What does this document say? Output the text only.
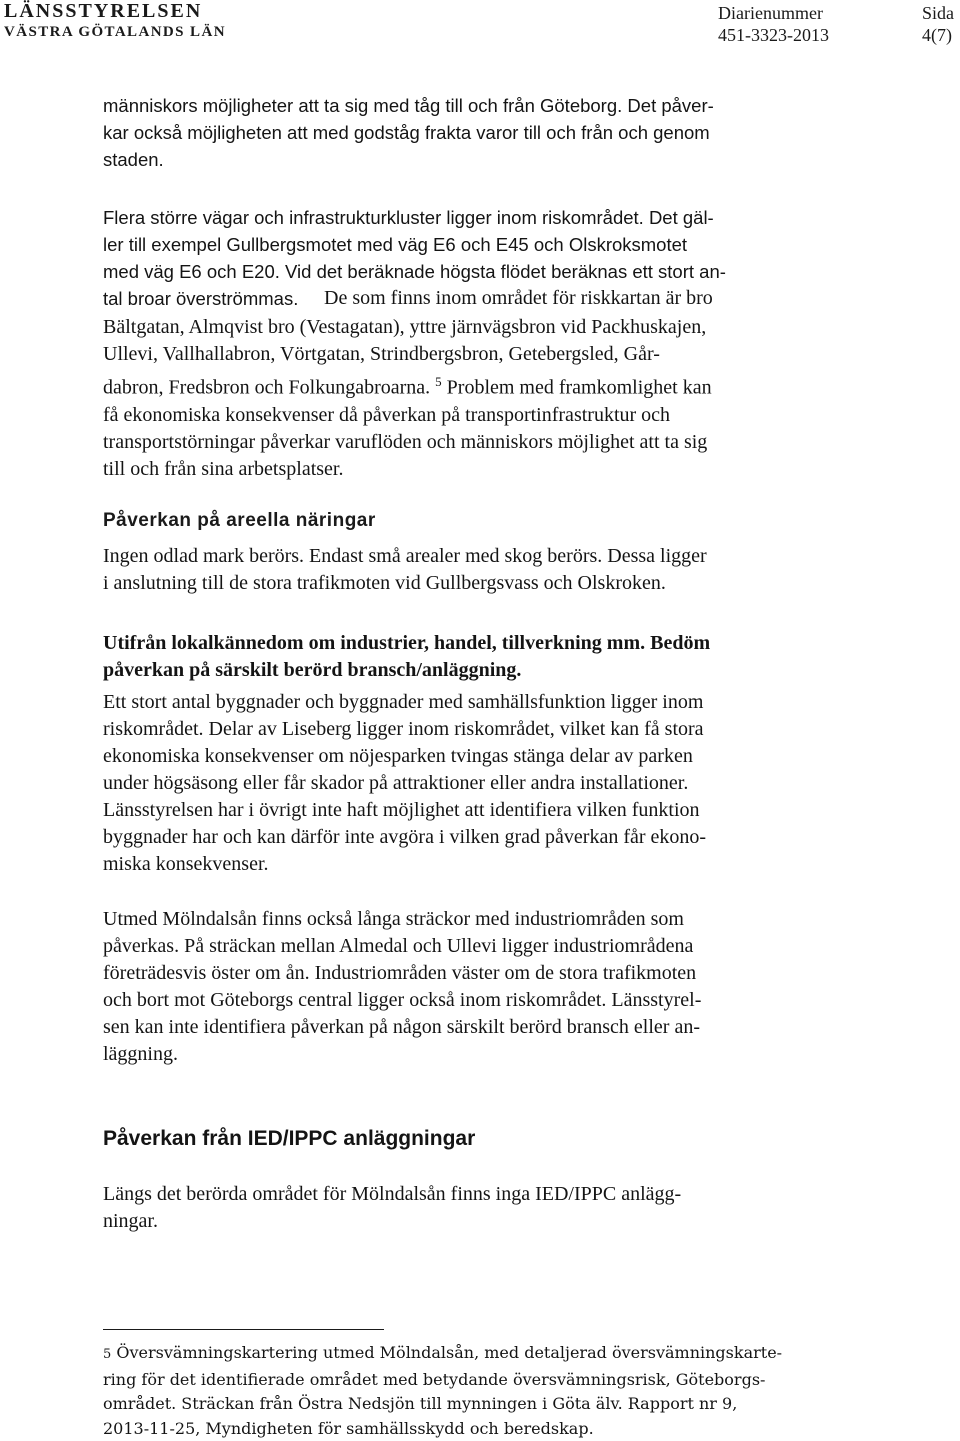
LÄNSSTYRELSEN
VÄSTRA GÖTALANDS LÄN
Diarienummer
451-3323-2013
Sida
4(7)
människors möjligheter att ta sig med tåg till och från Göteborg. Det påver-
kar också möjligheten att med godståg frakta varor till och från och genom
staden.
Flera större vägar och infrastrukturkluster ligger inom riskområdet. Det gäl-
ler till exempel Gullbergsmotet med väg E6 och E45 och Olskroksmotet
med väg E6 och E20. Vid det beräknade högsta flödet beräknas ett stort an-
tal broar överströmmas.	De som finns inom området för riskkartan är bro
Bältgatan, Almqvist bro (Vestagatan), yttre järnvägsbron vid Packhuskajen,
Ullevi, Vallhallabron, Vörtgatan, Strindbergsbron, Getebergsled, Går-
dabron, Fredsbron och Folkungabroarna. $^5$ Problem med framkomlighet kan
få ekonomiska konsekvenser då påverkan på transportinfrastruktur och
transportstörningar påverkar varuflöden och människors möjlighet att ta sig
till och från sina arbetsplatser.
Påverkan på areella näringar
Ingen odlad mark berörs. Endast små arealer med skog berörs. Dessa ligger
i anslutning till de stora trafikmoten vid Gullbergsvass och Olskroken.
Utifrån lokalkännedom om industrier, handel, tillverkning mm. Bedöm
påverkan på särskilt berörd bransch/anläggning.
Ett stort antal byggnader och byggnader med samhällsfunktion ligger inom
riskområdet. Delar av Liseberg ligger inom riskområdet, vilket kan få stora
ekonomiska konsekvenser om nöjesparken tvingas stänga delar av parken
under högsäsong eller får skador på attraktioner eller andra installationer.
Länsstyrelsen har i övrigt inte haft möjlighet att identifiera vilken funktion
byggnader har och kan därför inte avgöra i vilken grad påverkan får ekono-
miska konsekvenser.
Utmed Mölndalsån finns också långa sträckor med industriområden som
påverkas. På sträckan mellan Almedal och Ullevi ligger industriområdena
företrädesvis öster om ån. Industriområden väster om de stora trafikmoten
och bort mot Göteborgs central ligger också inom riskområdet. Länsstyrel-
sen kan inte identifiera påverkan på någon särskilt berörd bransch eller an-
läggning.
Påverkan från IED/IPPC anläggningar
Längs det berörda området för Mölndalsån finns inga IED/IPPC anlägg-
ningar.
5 Översvämningskartering utmed Mölndalsån, med detaljerad översvämningskarte-
ring för det identifierade området med betydande översvämningsrisk, Göteborgs-
området. Sträckan från Östra Nedsjön till mynningen i Göta älv. Rapport nr 9,
2013-11-25, Myndigheten för samhällsskydd och beredskap.
